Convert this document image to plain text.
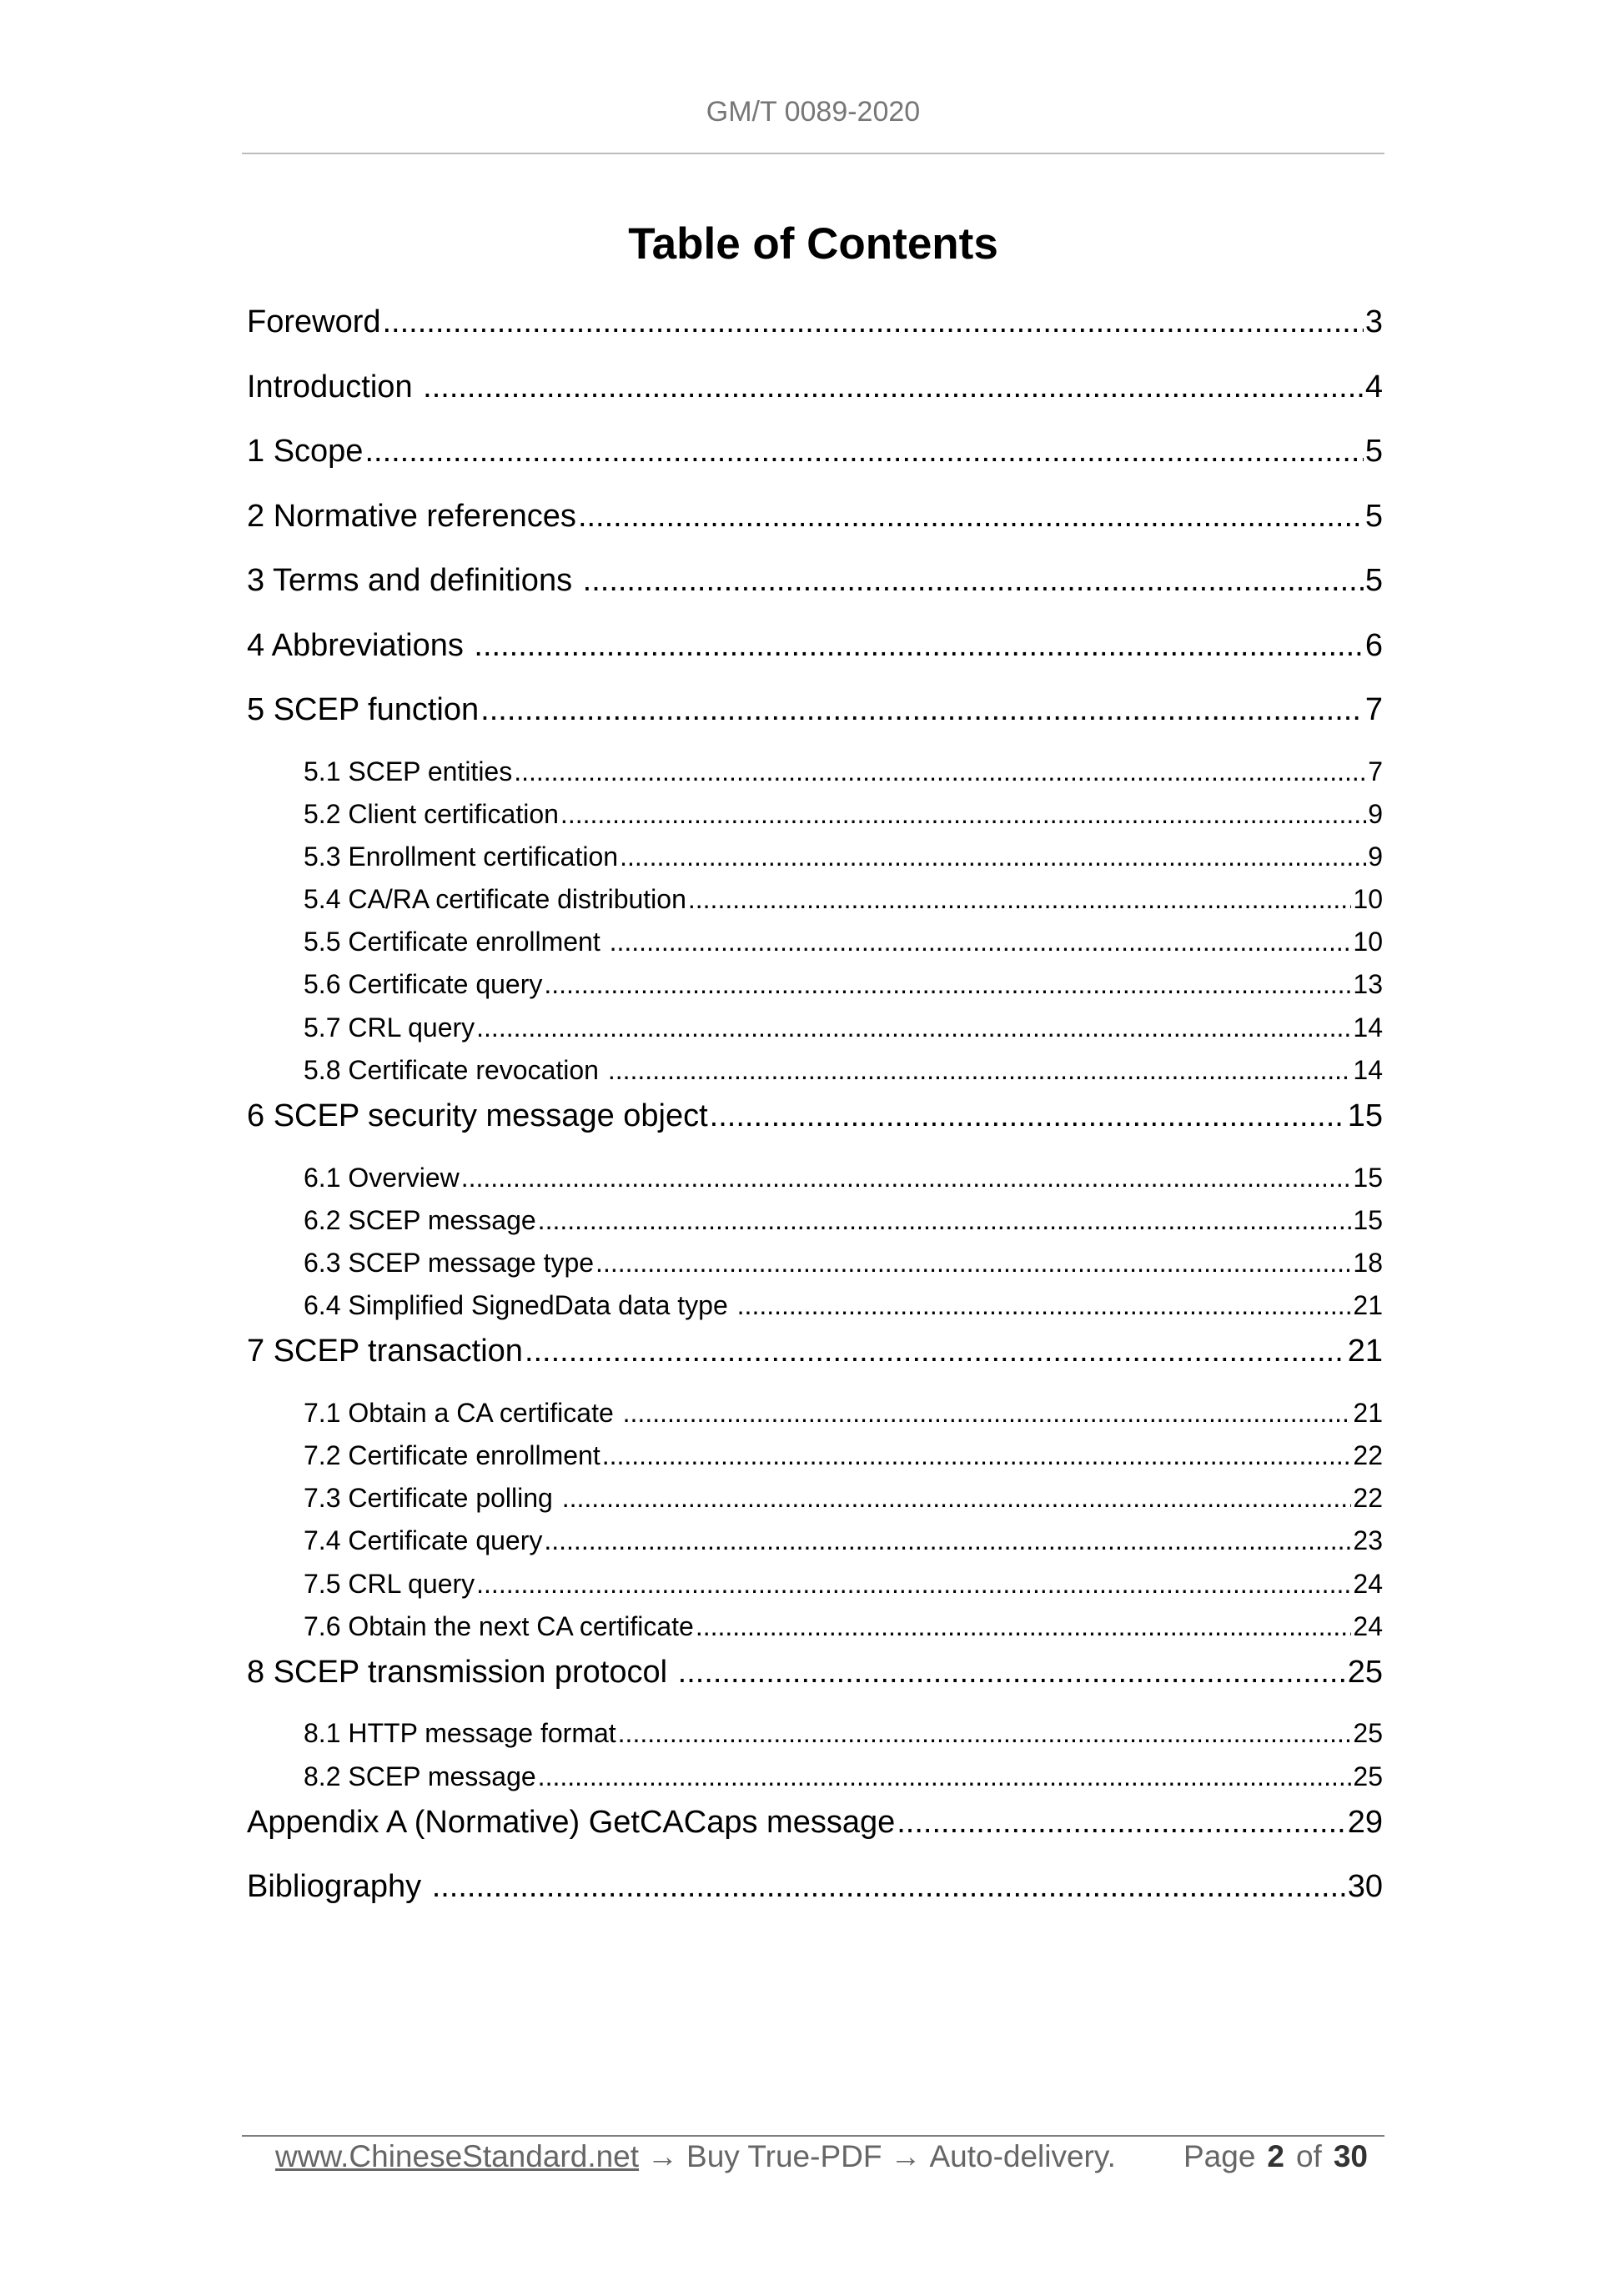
GM/T 0089-2020
Table of Contents
Foreword .....	3
Introduction .....	4
1 Scope .....	5
2 Normative references .....	5
3 Terms and definitions .....	5
4 Abbreviations .....	6
5 SCEP function .....	7
5.1 SCEP entities .....	7
5.2 Client certification .....	9
5.3 Enrollment certification .....	9
5.4 CA/RA certificate distribution .....	10
5.5 Certificate enrollment .....	10
5.6 Certificate query .....	13
5.7 CRL query .....	14
5.8 Certificate revocation .....	14
6 SCEP security message object .....	15
6.1 Overview .....	15
6.2 SCEP message .....	15
6.3 SCEP message type .....	18
6.4 Simplified SignedData data type .....	21
7 SCEP transaction .....	21
7.1 Obtain a CA certificate .....	21
7.2 Certificate enrollment .....	22
7.3 Certificate polling .....	22
7.4 Certificate query .....	23
7.5 CRL query .....	24
7.6 Obtain the next CA certificate .....	24
8 SCEP transmission protocol .....	25
8.1 HTTP message format .....	25
8.2 SCEP message .....	25
Appendix A (Normative) GetCACaps message .....	29
Bibliography .....	30
www.ChineseStandard.net → Buy True-PDF → Auto-delivery. Page 2 of 30
